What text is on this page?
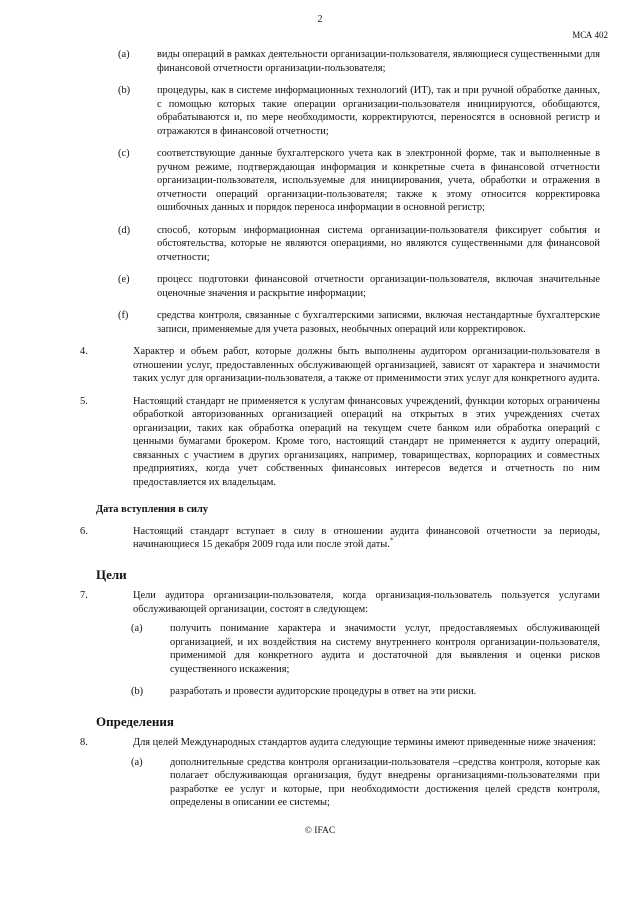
2
МСА 402
(a)	виды операций в рамках деятельности организации-пользователя, являющиеся существенными для финансовой отчетности организации-пользователя;
(b)	процедуры, как в системе информационных технологий (ИТ), так и при ручной обработке данных, с помощью которых такие операции организации-пользователя инициируются, обобщаются, обрабатываются и, по мере необходимости, корректируются, переносятся в основной регистр и отражаются в финансовой отчетности;
(c)	соответствующие данные бухгалтерского учета как в электронной форме, так и выполненные в ручном режиме, подтверждающая информация и конкретные счета в финансовой отчетности организации-пользователя, используемые для инициирования, учета, обработки и отражения в отчетности операций организации-пользователя; также к этому относится корректировка ошибочных данных и порядок переноса информации в основной регистр;
(d)	способ, которым информационная система организации-пользователя фиксирует события и обстоятельства, которые не являются операциями, но являются существенными для финансовой отчетности;
(e)	процесс подготовки финансовой отчетности организации-пользователя, включая значительные оценочные значения и раскрытие информации;
(f)	средства контроля, связанные с бухгалтерскими записями, включая нестандартные бухгалтерские записи, применяемые для учета разовых, необычных операций или корректировок.
4.	Характер и объем работ, которые должны быть выполнены аудитором организации-пользователя в отношении услуг, предоставленных обслуживающей организацией, зависят от характера и значимости таких услуг для организации-пользователя, а также от применимости этих услуг для конкретного аудита.
5.	Настоящий стандарт не применяется к услугам финансовых учреждений, функции которых ограничены обработкой авторизованных организацией операций на открытых в этих учреждениях счетах организации, таких как обработка операций на текущем счете банком или обработка операций с ценными бумагами брокером. Кроме того, настоящий стандарт не применяется к аудиту операций, связанных с участием в других организациях, например, товариществах, корпорациях и совместных предприятиях, когда учет собственных финансовых интересов ведется и отчетность по ним предоставляется их владельцам.
Дата вступления в силу
6.	Настоящий стандарт вступает в силу в отношении аудита финансовой отчетности за периоды, начинающиеся 15 декабря 2009 года или после этой даты.*
Цели
7.	Цели аудитора организации-пользователя, когда организация-пользователь пользуется услугами обслуживающей организации, состоят в следующем:
(a)	получить понимание характера и значимости услуг, предоставляемых обслуживающей организацией, и их воздействия на систему внутреннего контроля организации-пользователя, применимой для конкретного аудита и достаточной для выявления и оценки рисков существенного искажения;
(b)	разработать и провести аудиторские процедуры в ответ на эти риски.
Определения
8.	Для целей Международных стандартов аудита следующие термины имеют приведенные ниже значения:
(a)	дополнительные средства контроля организации-пользователя –средства контроля, которые как полагает обслуживающая организация, будут внедрены организациями-пользователями при разработке ее услуг и которые, при необходимости достижения целей средств контроля, определены в описании ее системы;
© IFAC
